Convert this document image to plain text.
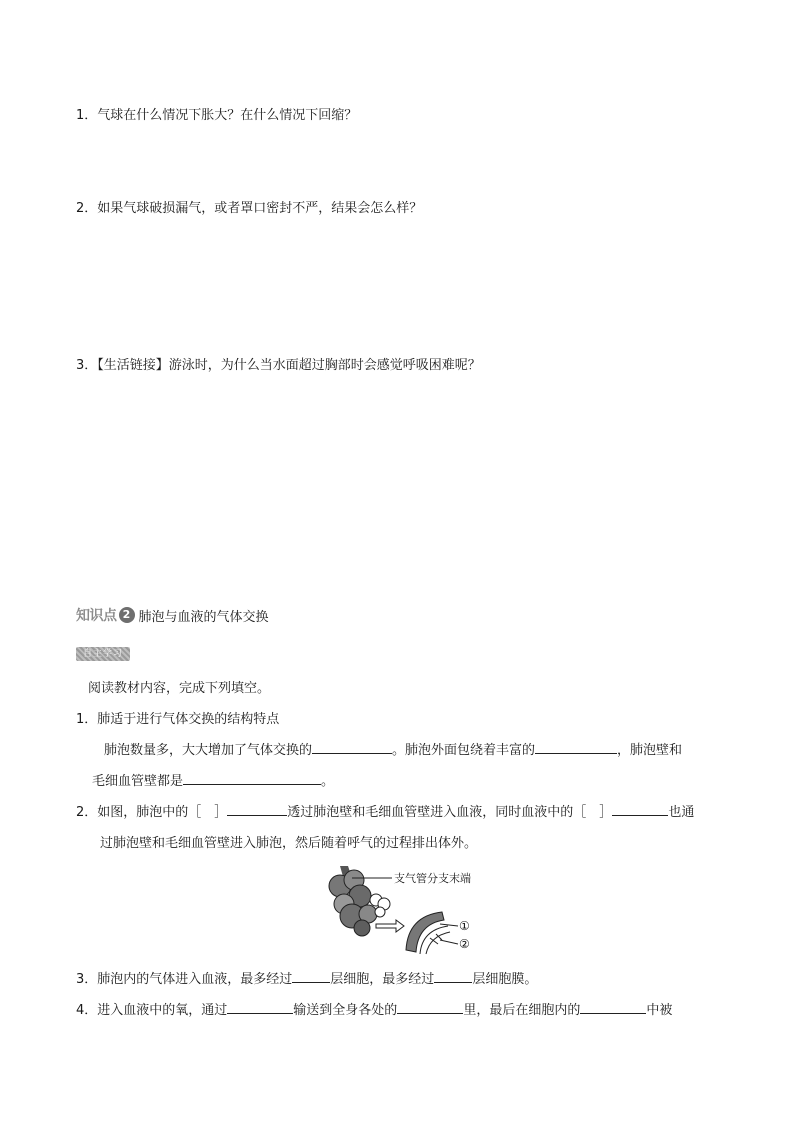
1．气球在什么情况下胀大？在什么情况下回缩？
2．如果气球破损漏气，或者罩口密封不严，结果会怎么样？
3．【生活链接】游泳时，为什么当水面超过胸部时会感觉呼吸困难呢？
知识点 2 肺泡与血液的气体交换
自主学习
阅读教材内容，完成下列填空。
1．肺适于进行气体交换的结构特点
肺泡数量多，大大增加了气体交换的	。肺泡外面包绕着丰富的	，肺泡壁和
毛细血管壁都是	。
2．如图，肺泡中的［　］	透过肺泡壁和毛细血管壁进入血液，同时血液中的［　］	也通
过肺泡壁和毛细血管壁进入肺泡，然后随着呼气的过程排出体外。
支气管分支末端
①
②
3．肺泡内的气体进入血液，最多经过	层细胞，最多经过	层细胞膜。
4．进入血液中的氧，通过	输送到全身各处的	里，最后在细胞内的	中被
